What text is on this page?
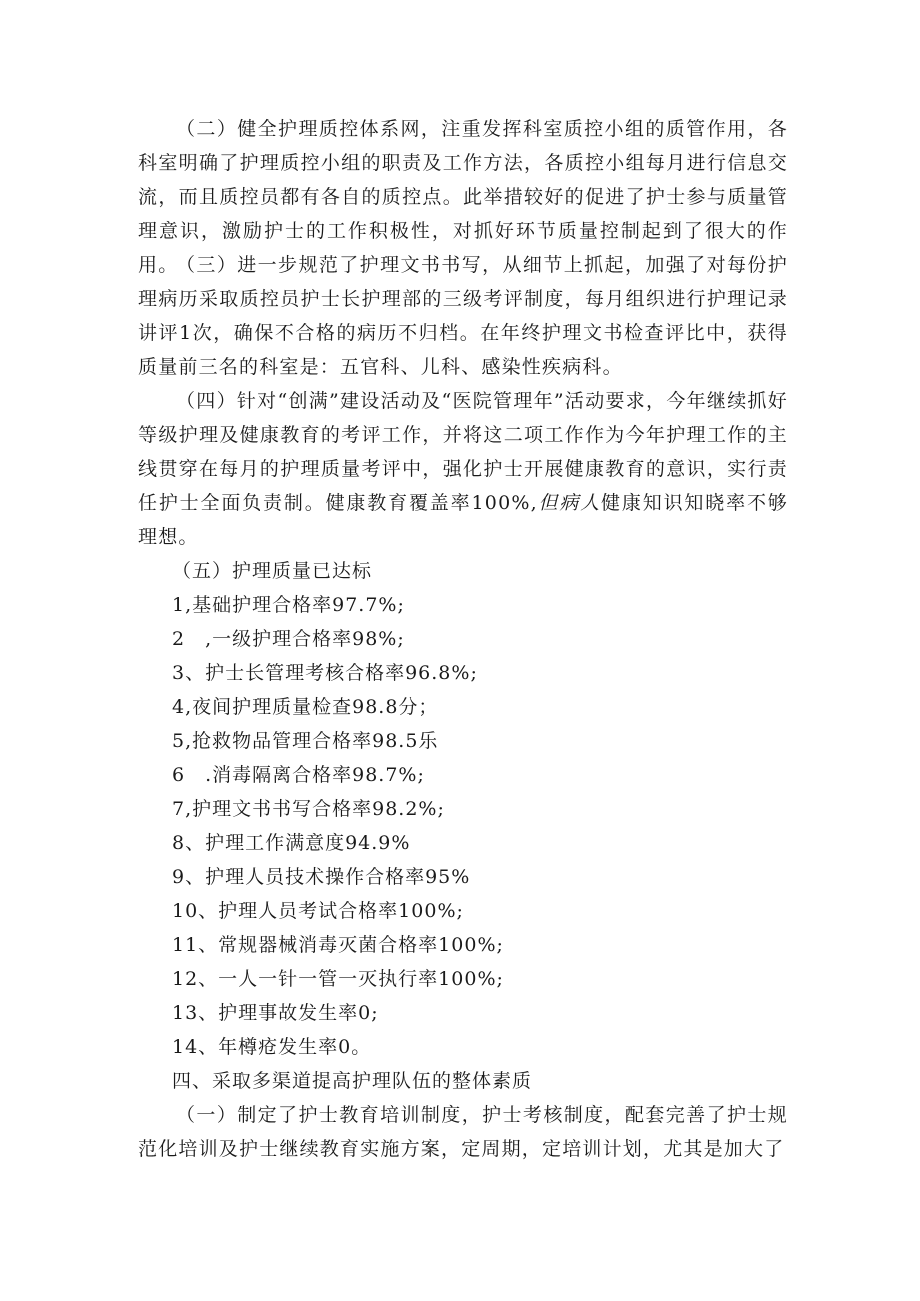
（二）健全护理质控体系网，注重发挥科室质控小组的质管作用，各科室明确了护理质控小组的职责及工作方法，各质控小组每月进行信息交流，而且质控员都有各自的质控点。此举措较好的促进了护士参与质量管理意识，激励护士的工作积极性，对抓好环节质量控制起到了很大的作用。

（三）进一步规范了护理文书书写，从细节上抓起，加强了对每份护理病历采取质控员护士长护理部的三级考评制度，每月组织进行护理记录讲评1次，确保不合格的病历不归档。在年终护理文书检查评比中，获得质量前三名的科室是：五官科、儿科、感染性疾病科。

（四）针对“创满”建设活动及“医院管理年”活动要求，今年继续抓好等级护理及健康教育的考评工作，并将这二项工作作为今年护理工作的主线贯穿在每月的护理质量考评中，强化护士开展健康教育的意识，实行责任护士全面负责制。健康教育覆盖率100%,但病人健康知识知晓率不够理想。

（五）护理质量已达标

1,基础护理合格率97.7%;

2　,一级护理合格率98%;

3、护士长管理考核合格率96.8%;

4,夜间护理质量检查98.8分；

5,抢救物品管理合格率98.5乐

6　.消毒隔离合格率98.7%;

7,护理文书书写合格率98.2%;

8、护理工作满意度94.9%

9、护理人员技术操作合格率95%

10、护理人员考试合格率100%;

11、常规器械消毒灭菌合格率100%;

12、一人一针一管一灭执行率100%;

13、护理事故发生率0;

14、年樽疮发生率0。

四、采取多渠道提高护理队伍的整体素质

（一）制定了护士教育培训制度，护士考核制度，配套完善了护士规范化培训及护士继续教育实施方案，定周期，定培训计划，尤其是加大了
